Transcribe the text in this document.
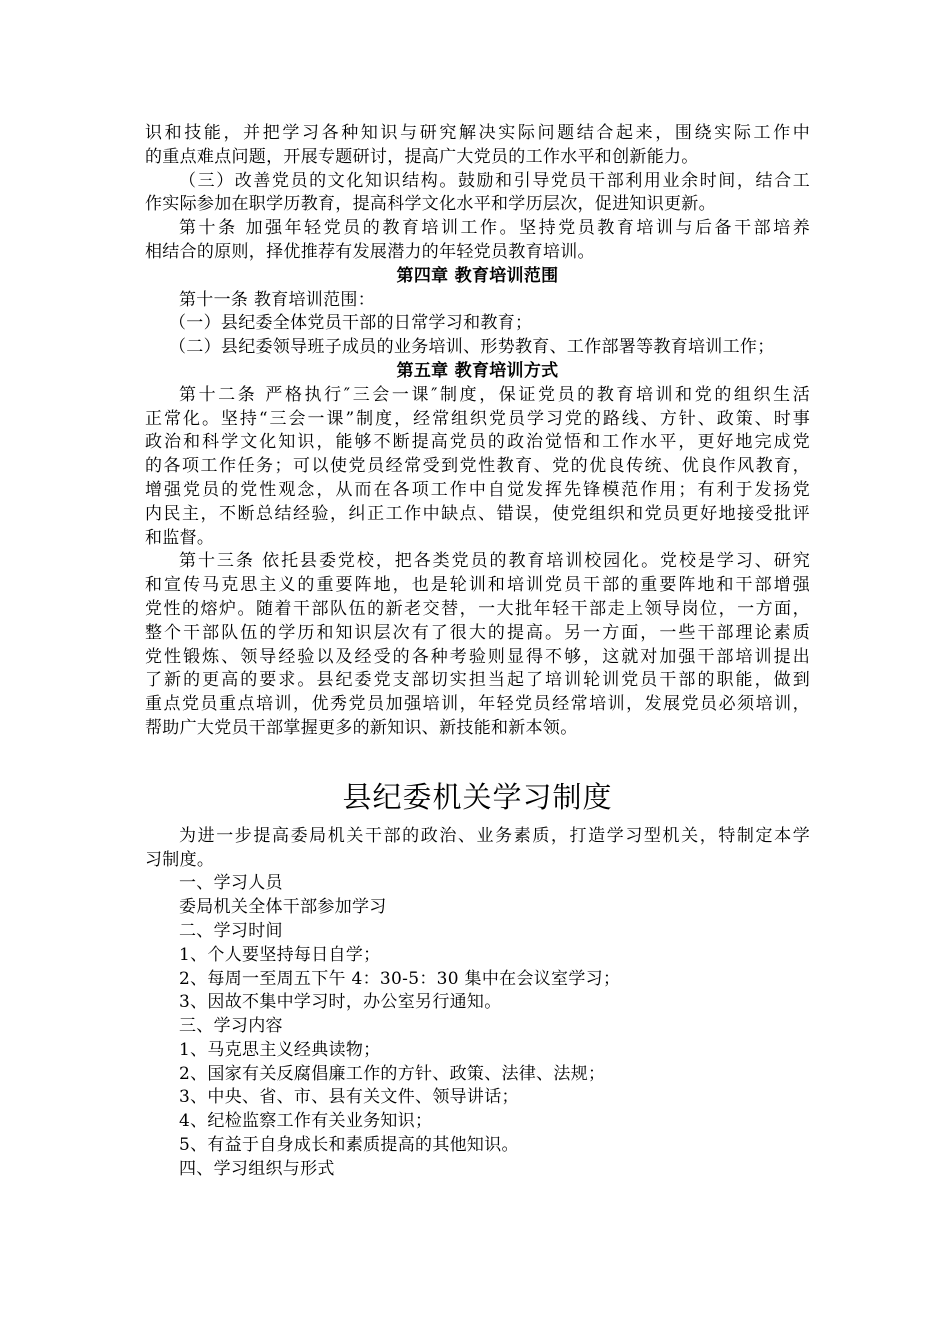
识和技能，并把学习各种知识与研究解决实际问题结合起来，围绕实际工作中
的重点难点问题，开展专题研讨，提高广大党员的工作水平和创新能力。
（三）改善党员的文化知识结构。鼓励和引导党员干部利用业余时间，结合工
作实际参加在职学历教育，提高科学文化水平和学历层次，促进知识更新。
第十条 加强年轻党员的教育培训工作。坚持党员教育培训与后备干部培养
相结合的原则，择优推荐有发展潜力的年轻党员教育培训。
第四章 教育培训范围
第十一条 教育培训范围：
（一）县纪委全体党员干部的日常学习和教育；
（二）县纪委领导班子成员的业务培训、形势教育、工作部署等教育培训工作；
第五章 教育培训方式
第十二条 严格执行″三会一课″制度，保证党员的教育培训和党的组织生活
正常化。坚持“三会一课”制度，经常组织党员学习党的路线、方针、政策、时事
政治和科学文化知识，能够不断提高党员的政治觉悟和工作水平，更好地完成党
的各项工作任务；可以使党员经常受到党性教育、党的优良传统、优良作风教育，
增强党员的党性观念，从而在各项工作中自觉发挥先锋模范作用；有利于发扬党
内民主，不断总结经验，纠正工作中缺点、错误，使党组织和党员更好地接受批评
和监督。
第十三条 依托县委党校，把各类党员的教育培训校园化。党校是学习、研究
和宣传马克思主义的重要阵地，也是轮训和培训党员干部的重要阵地和干部增强
党性的熔炉。随着干部队伍的新老交替，一大批年轻干部走上领导岗位，一方面，
整个干部队伍的学历和知识层次有了很大的提高。另一方面，一些干部理论素质
党性锻炼、领导经验以及经受的各种考验则显得不够，这就对加强干部培训提出
了新的更高的要求。县纪委党支部切实担当起了培训轮训党员干部的职能，做到
重点党员重点培训，优秀党员加强培训，年轻党员经常培训，发展党员必须培训，
帮助广大党员干部掌握更多的新知识、新技能和新本领。
县纪委机关学习制度
为进一步提高委局机关干部的政治、业务素质，打造学习型机关，特制定本学
习制度。
一、学习人员
委局机关全体干部参加学习
二、学习时间
1、个人要坚持每日自学；
2、每周一至周五下午 4：30-5：30 集中在会议室学习；
3、因故不集中学习时，办公室另行通知。
三、学习内容
1、马克思主义经典读物；
2、国家有关反腐倡廉工作的方针、政策、法律、法规；
3、中央、省、市、县有关文件、领导讲话；
4、纪检监察工作有关业务知识；
5、有益于自身成长和素质提高的其他知识。
四、学习组织与形式
